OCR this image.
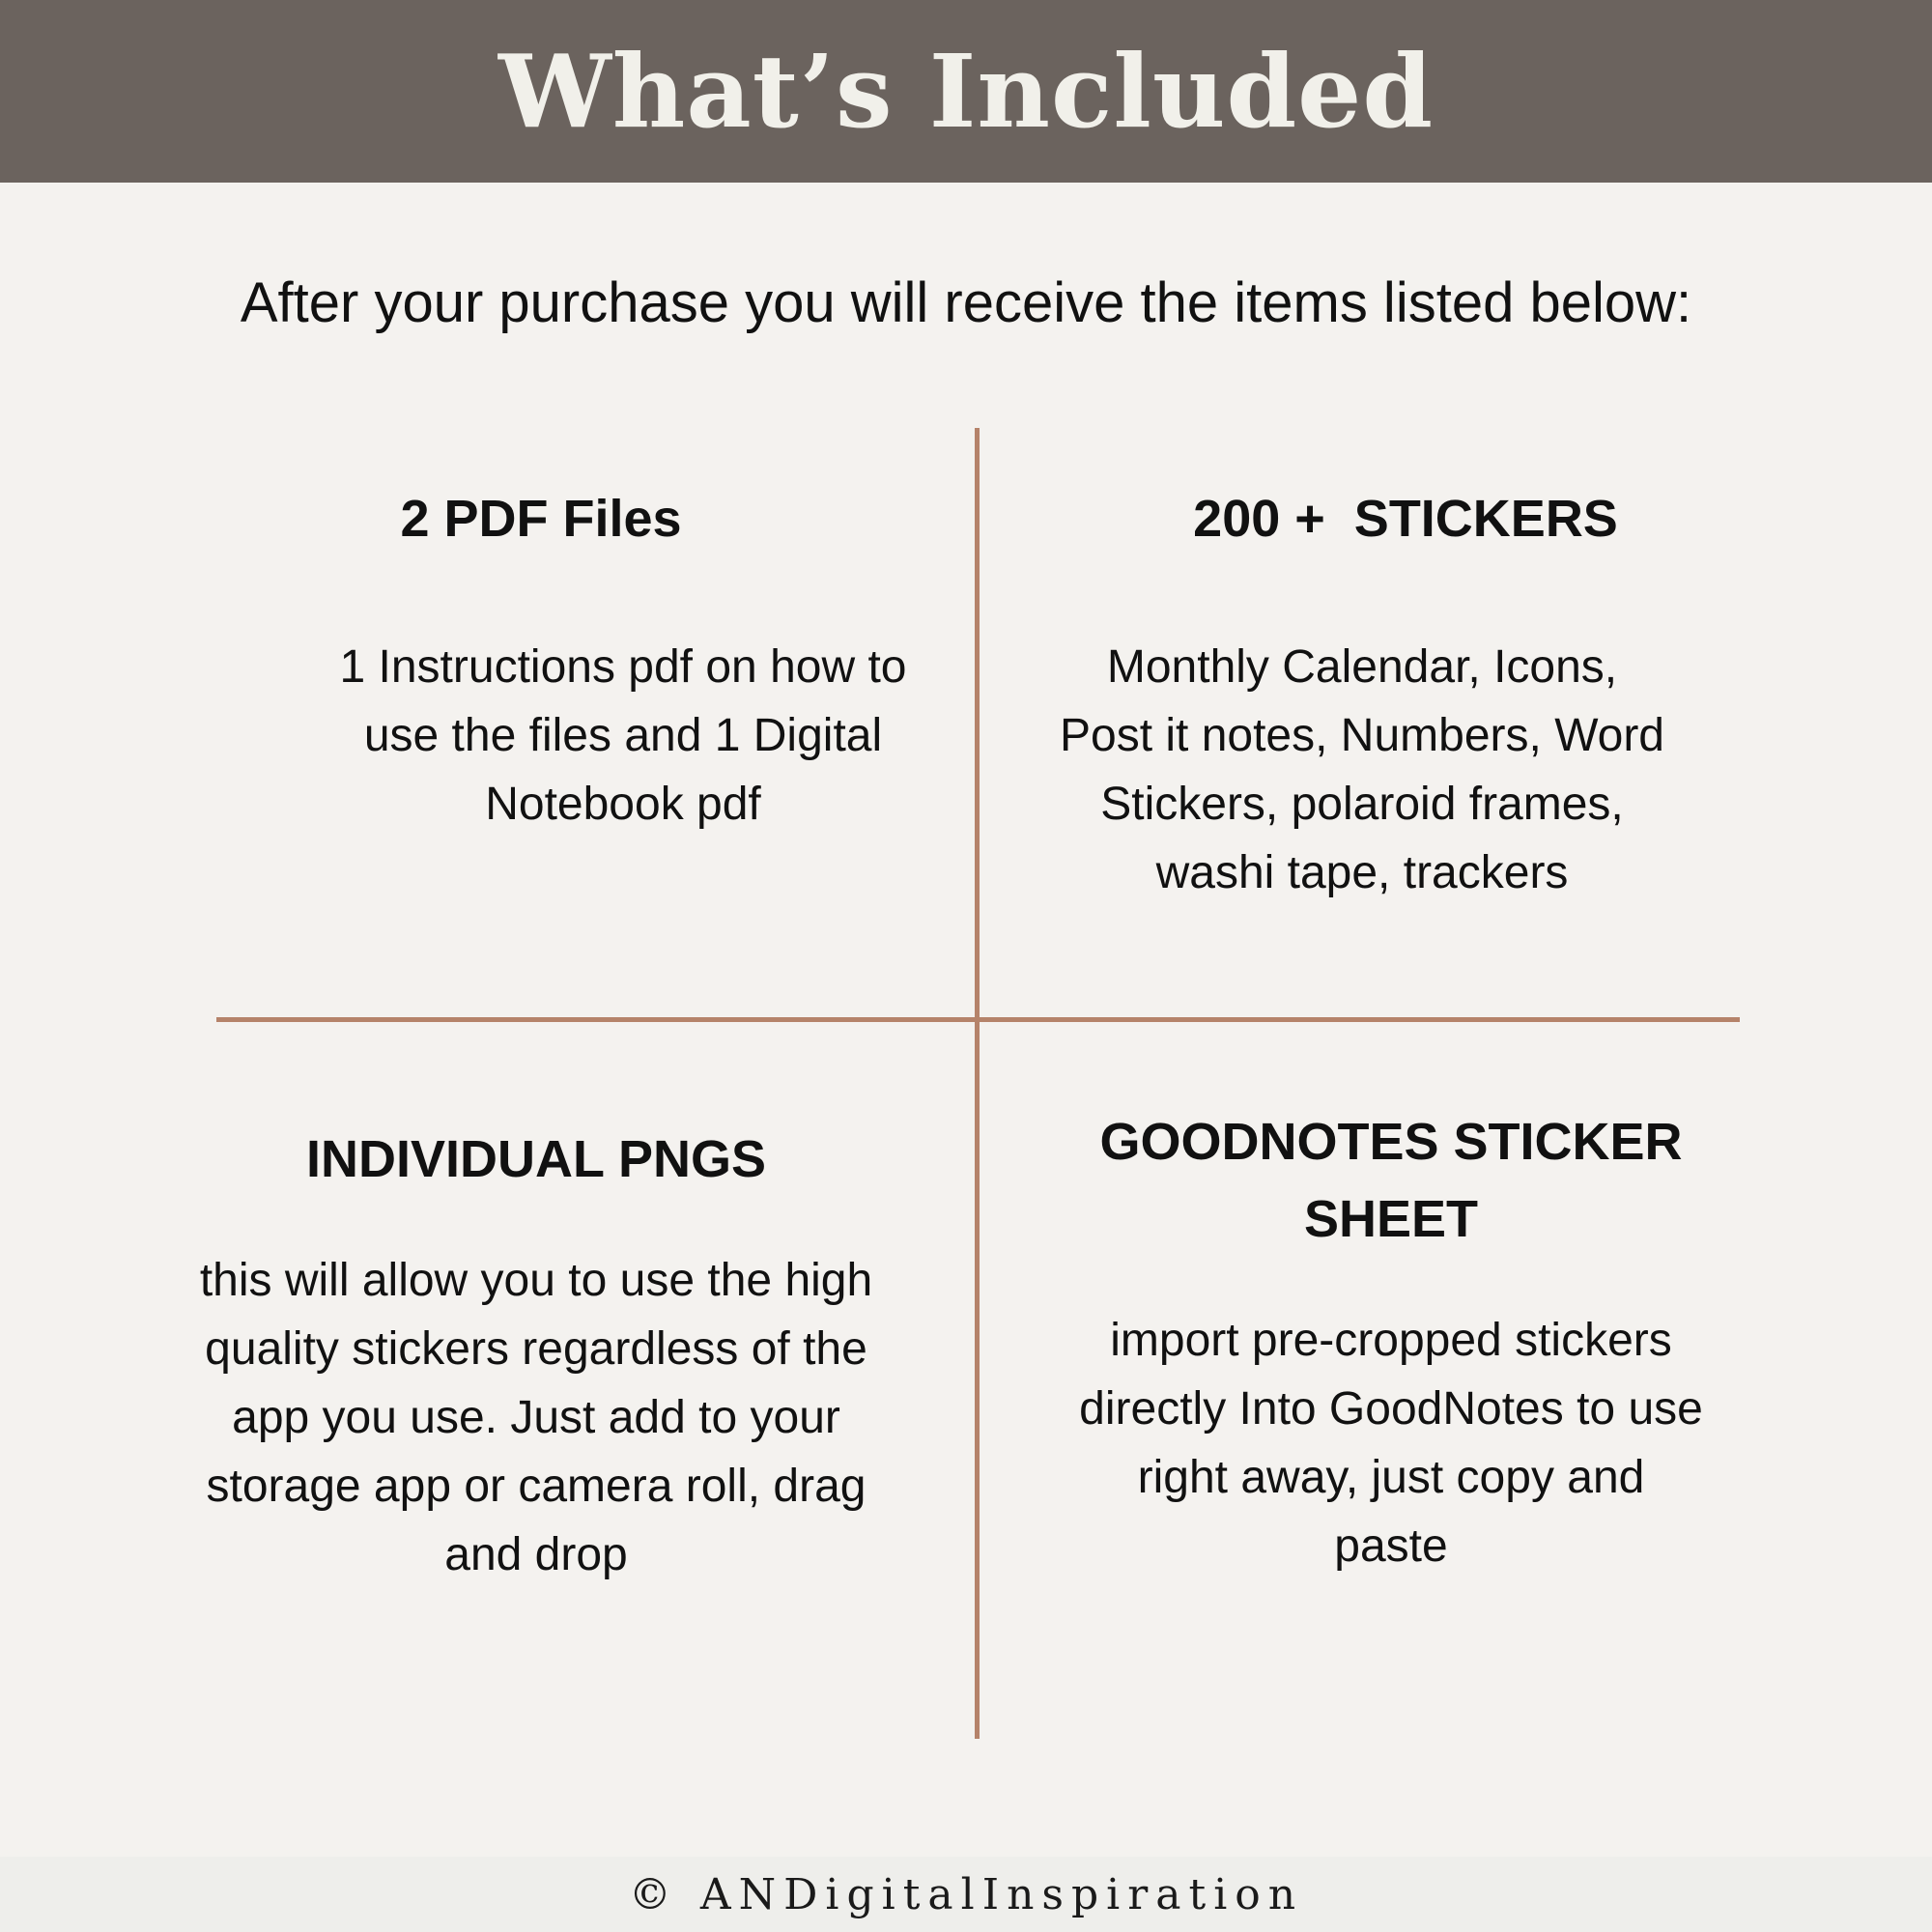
What’s Included
After your purchase you will receive the items listed below:
2 PDF Files

1 Instructions pdf on how to
use the files and 1 Digital
Notebook pdf

200 +  STICKERS

Monthly Calendar, Icons,
Post it notes, Numbers, Word
Stickers, polaroid frames,
washi tape, trackers

INDIVIDUAL PNGS

this will allow you to use the high
quality stickers regardless of the
app you use. Just add to your
storage app or camera roll, drag
and drop

GOODNOTES STICKER
SHEET

import pre-cropped stickers
directly Into GoodNotes to use
right away, just copy and
paste

© ANDigitalInspiration
